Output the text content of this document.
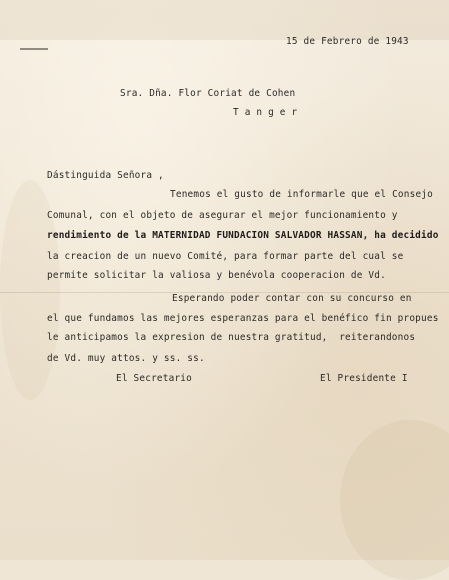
15 de Febrero de 1943
Sra. Dña. Flor Coriat de Cohen
T a n g e r
Dástinguida Señora ,
Tenemos el gusto de informarle que el Consejo
Comunal, con el objeto de asegurar el mejor funcionamiento y
rendimiento de la MATERNIDAD FUNDACION SALVADOR HASSAN, ha decidido
la creacion de un nuevo Comité, para formar parte del cual se
permite solicitar la valiosa y benévola cooperacion de Vd.
Esperando poder contar con su concurso en
el que fundamos las mejores esperanzas para el benéfico fin propues
le anticipamos la expresion de nuestra gratitud,  reiterandonos
de Vd. muy attos. y ss. ss.
El Secretario	El Presidente I
